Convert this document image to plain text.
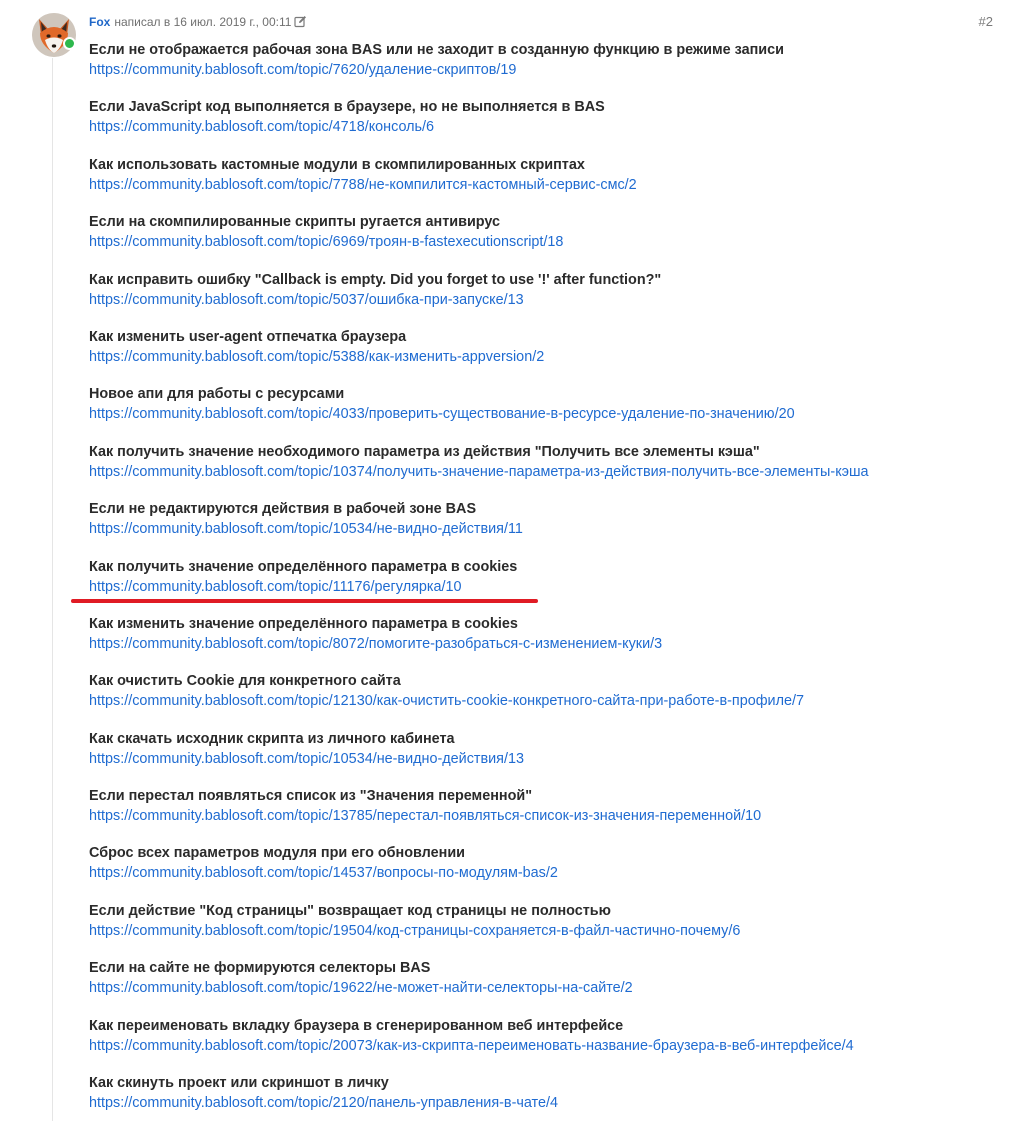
Fox написал в 16 июл. 2019 г., 00:11	#2
Если не отображается рабочая зона BAS или не заходит в созданную функцию в режиме записи
https://community.bablosoft.com/topic/7620/удаление-скриптов/19
Если JavaScript код выполняется в браузере, но не выполняется в BAS
https://community.bablosoft.com/topic/4718/консоль/6
Как использовать кастомные модули в скомпилированных скриптах
https://community.bablosoft.com/topic/7788/не-компилится-кастомный-сервис-смс/2
Если на скомпилированные скрипты ругается антивирус
https://community.bablosoft.com/topic/6969/троян-в-fastexecutionscript/18
Как исправить ошибку "Callback is empty. Did you forget to use '!' after function?"
https://community.bablosoft.com/topic/5037/ошибка-при-запуске/13
Как изменить user-agent отпечатка браузера
https://community.bablosoft.com/topic/5388/как-изменить-appversion/2
Новое апи для работы с ресурсами
https://community.bablosoft.com/topic/4033/проверить-существование-в-ресурсе-удаление-по-значению/20
Как получить значение необходимого параметра из действия "Получить все элементы кэша"
https://community.bablosoft.com/topic/10374/получить-значение-параметра-из-действия-получить-все-элементы-кэша
Если не редактируются действия в рабочей зоне BAS
https://community.bablosoft.com/topic/10534/не-видно-действия/11
Как получить значение определённого параметра в cookies
https://community.bablosoft.com/topic/11176/регулярка/10
Как изменить значение определённого параметра в cookies
https://community.bablosoft.com/topic/8072/помогите-разобраться-с-изменением-куки/3
Как очистить Cookie для конкретного сайта
https://community.bablosoft.com/topic/12130/как-очистить-cookie-конкретного-сайта-при-работе-в-профиле/7
Как скачать исходник скрипта из личного кабинета
https://community.bablosoft.com/topic/10534/не-видно-действия/13
Если перестал появляться список из "Значения переменной"
https://community.bablosoft.com/topic/13785/перестал-появляться-список-из-значения-переменной/10
Сброс всех параметров модуля при его обновлении
https://community.bablosoft.com/topic/14537/вопросы-по-модулям-bas/2
Если действие "Код страницы" возвращает код страницы не полностью
https://community.bablosoft.com/topic/19504/код-страницы-сохраняется-в-файл-частично-почему/6
Если на сайте не формируются селекторы BAS
https://community.bablosoft.com/topic/19622/не-может-найти-селекторы-на-сайте/2
Как переименовать вкладку браузера в сгенерированном веб интерфейсе
https://community.bablosoft.com/topic/20073/как-из-скрипта-переименовать-название-браузера-в-веб-интерфейсе/4
Как скинуть проект или скриншот в личку
https://community.bablosoft.com/topic/2120/панель-управления-в-чате/4
